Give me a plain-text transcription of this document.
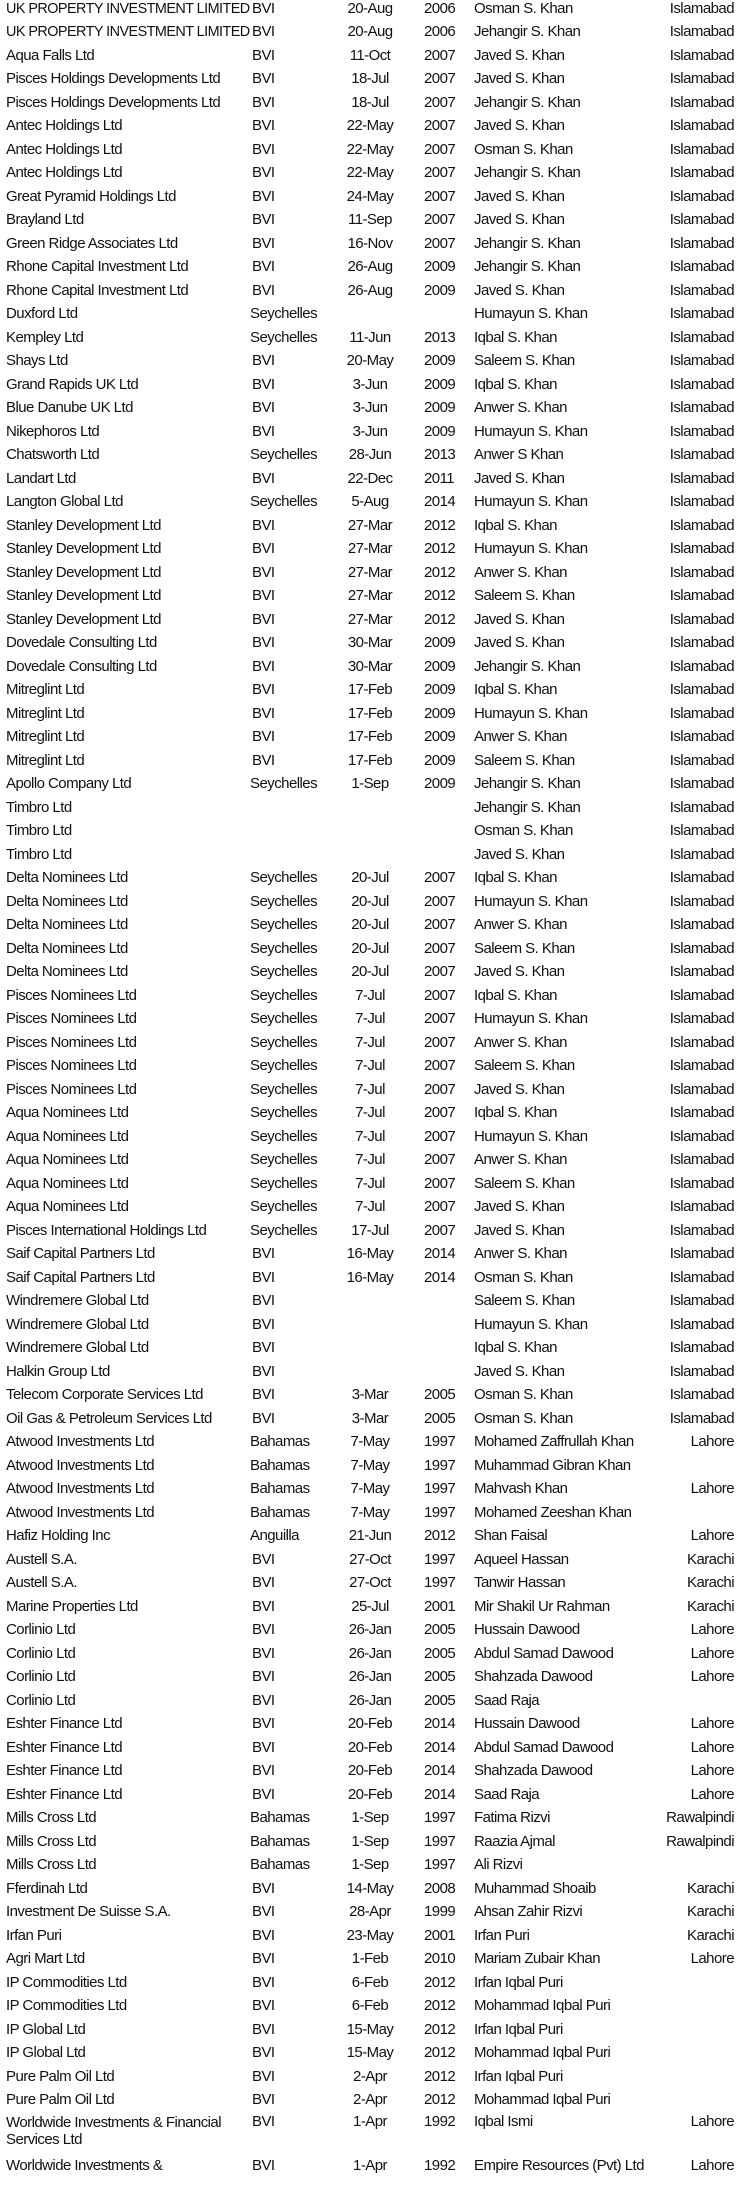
UK PROPERTY INVESTMENT LIMITED	BVI	20-Aug	2006	Osman S. Khan	Islamabad
UK PROPERTY INVESTMENT LIMITED	BVI	20-Aug	2006	Jehangir S. Khan	Islamabad
Aqua Falls Ltd	BVI	11-Oct	2007	Javed S. Khan	Islamabad
Pisces Holdings Developments Ltd	BVI	18-Jul	2007	Javed S. Khan	Islamabad
Pisces Holdings Developments Ltd	BVI	18-Jul	2007	Jehangir S. Khan	Islamabad
Antec Holdings Ltd	BVI	22-May	2007	Javed S. Khan	Islamabad
Antec Holdings Ltd	BVI	22-May	2007	Osman S. Khan	Islamabad
Antec Holdings Ltd	BVI	22-May	2007	Jehangir S. Khan	Islamabad
Great Pyramid Holdings Ltd	BVI	24-May	2007	Javed S. Khan	Islamabad
Brayland Ltd	BVI	11-Sep	2007	Javed S. Khan	Islamabad
Green Ridge Associates Ltd	BVI	16-Nov	2007	Jehangir S. Khan	Islamabad
Rhone Capital Investment Ltd	BVI	26-Aug	2009	Jehangir S. Khan	Islamabad
Rhone Capital Investment Ltd	BVI	26-Aug	2009	Javed S. Khan	Islamabad
Duxford Ltd	Seychelles			Humayun S. Khan	Islamabad
Kempley Ltd	Seychelles	11-Jun	2013	Iqbal S. Khan	Islamabad
Shays Ltd	BVI	20-May	2009	Saleem S. Khan	Islamabad
Grand Rapids UK Ltd	BVI	3-Jun	2009	Iqbal S. Khan	Islamabad
Blue Danube UK Ltd	BVI	3-Jun	2009	Anwer S. Khan	Islamabad
Nikephoros Ltd	BVI	3-Jun	2009	Humayun S. Khan	Islamabad
Chatsworth Ltd	Seychelles	28-Jun	2013	Anwer S Khan	Islamabad
Landart Ltd	BVI	22-Dec	2011	Javed S. Khan	Islamabad
Langton Global Ltd	Seychelles	5-Aug	2014	Humayun S. Khan	Islamabad
Stanley Development Ltd	BVI	27-Mar	2012	Iqbal S. Khan	Islamabad
Stanley Development Ltd	BVI	27-Mar	2012	Humayun S. Khan	Islamabad
Stanley Development Ltd	BVI	27-Mar	2012	Anwer S. Khan	Islamabad
Stanley Development Ltd	BVI	27-Mar	2012	Saleem S. Khan	Islamabad
Stanley Development Ltd	BVI	27-Mar	2012	Javed S. Khan	Islamabad
Dovedale Consulting Ltd	BVI	30-Mar	2009	Javed S. Khan	Islamabad
Dovedale Consulting Ltd	BVI	30-Mar	2009	Jehangir S. Khan	Islamabad
Mitreglint Ltd	BVI	17-Feb	2009	Iqbal S. Khan	Islamabad
Mitreglint Ltd	BVI	17-Feb	2009	Humayun S. Khan	Islamabad
Mitreglint Ltd	BVI	17-Feb	2009	Anwer S. Khan	Islamabad
Mitreglint Ltd	BVI	17-Feb	2009	Saleem S. Khan	Islamabad
Apollo Company Ltd	Seychelles	1-Sep	2009	Jehangir S. Khan	Islamabad
Timbro Ltd				Jehangir S. Khan	Islamabad
Timbro Ltd				Osman S. Khan	Islamabad
Timbro Ltd				Javed S. Khan	Islamabad
Delta Nominees Ltd	Seychelles	20-Jul	2007	Iqbal S. Khan	Islamabad
Delta Nominees Ltd	Seychelles	20-Jul	2007	Humayun S. Khan	Islamabad
Delta Nominees Ltd	Seychelles	20-Jul	2007	Anwer S. Khan	Islamabad
Delta Nominees Ltd	Seychelles	20-Jul	2007	Saleem S. Khan	Islamabad
Delta Nominees Ltd	Seychelles	20-Jul	2007	Javed S. Khan	Islamabad
Pisces Nominees Ltd	Seychelles	7-Jul	2007	Iqbal S. Khan	Islamabad
Pisces Nominees Ltd	Seychelles	7-Jul	2007	Humayun S. Khan	Islamabad
Pisces Nominees Ltd	Seychelles	7-Jul	2007	Anwer S. Khan	Islamabad
Pisces Nominees Ltd	Seychelles	7-Jul	2007	Saleem S. Khan	Islamabad
Pisces Nominees Ltd	Seychelles	7-Jul	2007	Javed S. Khan	Islamabad
Aqua Nominees Ltd	Seychelles	7-Jul	2007	Iqbal S. Khan	Islamabad
Aqua Nominees Ltd	Seychelles	7-Jul	2007	Humayun S. Khan	Islamabad
Aqua Nominees Ltd	Seychelles	7-Jul	2007	Anwer S. Khan	Islamabad
Aqua Nominees Ltd	Seychelles	7-Jul	2007	Saleem S. Khan	Islamabad
Aqua Nominees Ltd	Seychelles	7-Jul	2007	Javed S. Khan	Islamabad
Pisces International Holdings Ltd	Seychelles	17-Jul	2007	Javed S. Khan	Islamabad
Saif Capital Partners Ltd	BVI	16-May	2014	Anwer S. Khan	Islamabad
Saif Capital Partners Ltd	BVI	16-May	2014	Osman S. Khan	Islamabad
Windremere Global Ltd	BVI			Saleem S. Khan	Islamabad
Windremere Global Ltd	BVI			Humayun S. Khan	Islamabad
Windremere Global Ltd	BVI			Iqbal S. Khan	Islamabad
Halkin Group Ltd	BVI			Javed S. Khan	Islamabad
Telecom Corporate Services Ltd	BVI	3-Mar	2005	Osman S. Khan	Islamabad
Oil Gas & Petroleum Services Ltd	BVI	3-Mar	2005	Osman S. Khan	Islamabad
Atwood Investments Ltd	Bahamas	7-May	1997	Mohamed Zaffrullah Khan	Lahore
Atwood Investments Ltd	Bahamas	7-May	1997	Muhammad Gibran Khan	
Atwood Investments Ltd	Bahamas	7-May	1997	Mahvash Khan	Lahore
Atwood Investments Ltd	Bahamas	7-May	1997	Mohamed Zeeshan Khan	
Hafiz Holding Inc	Anguilla	21-Jun	2012	Shan Faisal	Lahore
Austell S.A.	BVI	27-Oct	1997	Aqueel Hassan	Karachi
Austell S.A.	BVI	27-Oct	1997	Tanwir Hassan	Karachi
Marine Properties Ltd	BVI	25-Jul	2001	Mir Shakil Ur Rahman	Karachi
Corlinio Ltd	BVI	26-Jan	2005	Hussain Dawood	Lahore
Corlinio Ltd	BVI	26-Jan	2005	Abdul Samad Dawood	Lahore
Corlinio Ltd	BVI	26-Jan	2005	Shahzada Dawood	Lahore
Corlinio Ltd	BVI	26-Jan	2005	Saad Raja	
Eshter Finance Ltd	BVI	20-Feb	2014	Hussain Dawood	Lahore
Eshter Finance Ltd	BVI	20-Feb	2014	Abdul Samad Dawood	Lahore
Eshter Finance Ltd	BVI	20-Feb	2014	Shahzada Dawood	Lahore
Eshter Finance Ltd	BVI	20-Feb	2014	Saad Raja	Lahore
Mills Cross Ltd	Bahamas	1-Sep	1997	Fatima Rizvi	Rawalpindi
Mills Cross Ltd	Bahamas	1-Sep	1997	Raazia Ajmal	Rawalpindi
Mills Cross Ltd	Bahamas	1-Sep	1997	Ali Rizvi	
Fferdinah Ltd	BVI	14-May	2008	Muhammad Shoaib	Karachi
Investment De Suisse S.A.	BVI	28-Apr	1999	Ahsan Zahir Rizvi	Karachi
Irfan Puri	BVI	23-May	2001	Irfan Puri	Karachi
Agri Mart Ltd	BVI	1-Feb	2010	Mariam Zubair Khan	Lahore
IP Commodities Ltd	BVI	6-Feb	2012	Irfan Iqbal Puri	
IP Commodities Ltd	BVI	6-Feb	2012	Mohammad Iqbal Puri	
IP Global Ltd	BVI	15-May	2012	Irfan Iqbal Puri	
IP Global Ltd	BVI	15-May	2012	Mohammad Iqbal Puri	
Pure Palm Oil Ltd	BVI	2-Apr	2012	Irfan Iqbal Puri	
Pure Palm Oil Ltd	BVI	2-Apr	2012	Mohammad Iqbal Puri	
Worldwide Investments & Financial Services Ltd	BVI	1-Apr	1992	Iqbal Ismi	Lahore
Worldwide Investments &	BVI	1-Apr	1992	Empire Resources (Pvt) Ltd	Lahore
